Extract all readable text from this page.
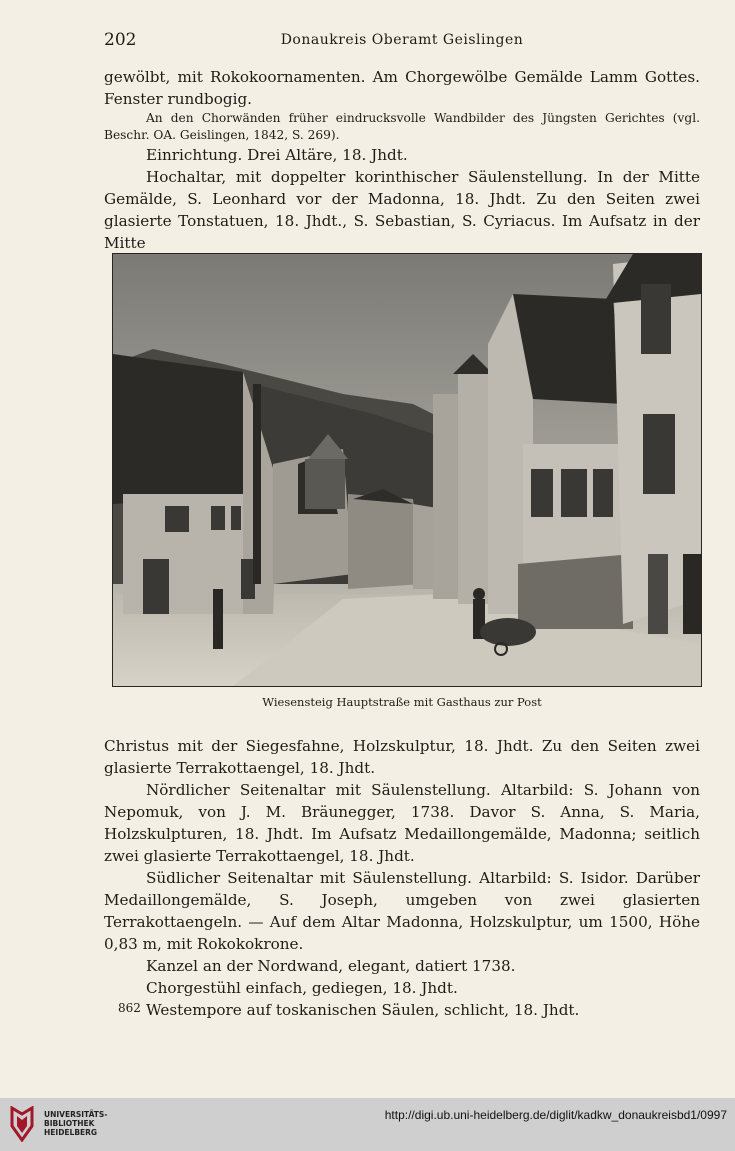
202	Donaukreis Oberamt Geislingen

gewölbt, mit Rokokoornamenten. Am Chorgewölbe Gemälde Lamm Gottes. Fenster rundbogig.

An den Chorwänden früher eindrucksvolle Wandbilder des Jüngsten Gerichtes (vgl. Beschr. OA. Geislingen, 1842, S. 269).

Einrichtung. Drei Altäre, 18. Jhdt.

Hochaltar, mit doppelter korinthischer Säulenstellung. In der Mitte Gemälde, S. Leonhard vor der Madonna, 18. Jhdt. Zu den Seiten zwei glasierte Tonstatuen, 18. Jhdt., S. Sebastian, S. Cyriacus. Im Aufsatz in der Mitte

Wiesensteig Hauptstraße mit Gasthaus zur Post

Christus mit der Siegesfahne, Holzskulptur, 18. Jhdt. Zu den Seiten zwei glasierte Terrakottaengel, 18. Jhdt.

Nördlicher Seitenaltar mit Säulenstellung. Altarbild: S. Johann von Nepomuk, von J. M. Bräunegger, 1738. Davor S. Anna, S. Maria, Holzskulpturen, 18. Jhdt. Im Aufsatz Medaillongemälde, Madonna; seitlich zwei glasierte Terrakottaengel, 18. Jhdt.

Südlicher Seitenaltar mit Säulenstellung. Altarbild: S. Isidor. Darüber Medaillongemälde, S. Joseph, umgeben von zwei glasierten Terrakottaengeln. — Auf dem Altar Madonna, Holzskulptur, um 1500, Höhe 0,83 m, mit Rokokokrone.

Kanzel an der Nordwand, elegant, datiert 1738.

Chorgestühl einfach, gediegen, 18. Jhdt.

Westempore auf toskanischen Säulen, schlicht, 18. Jhdt.

862
UNIVERSITÄTS-
BIBLIOTHEK
HEIDELBERG
http://digi.ub.uni-heidelberg.de/diglit/kadkw_donaukreisbd1/0997
